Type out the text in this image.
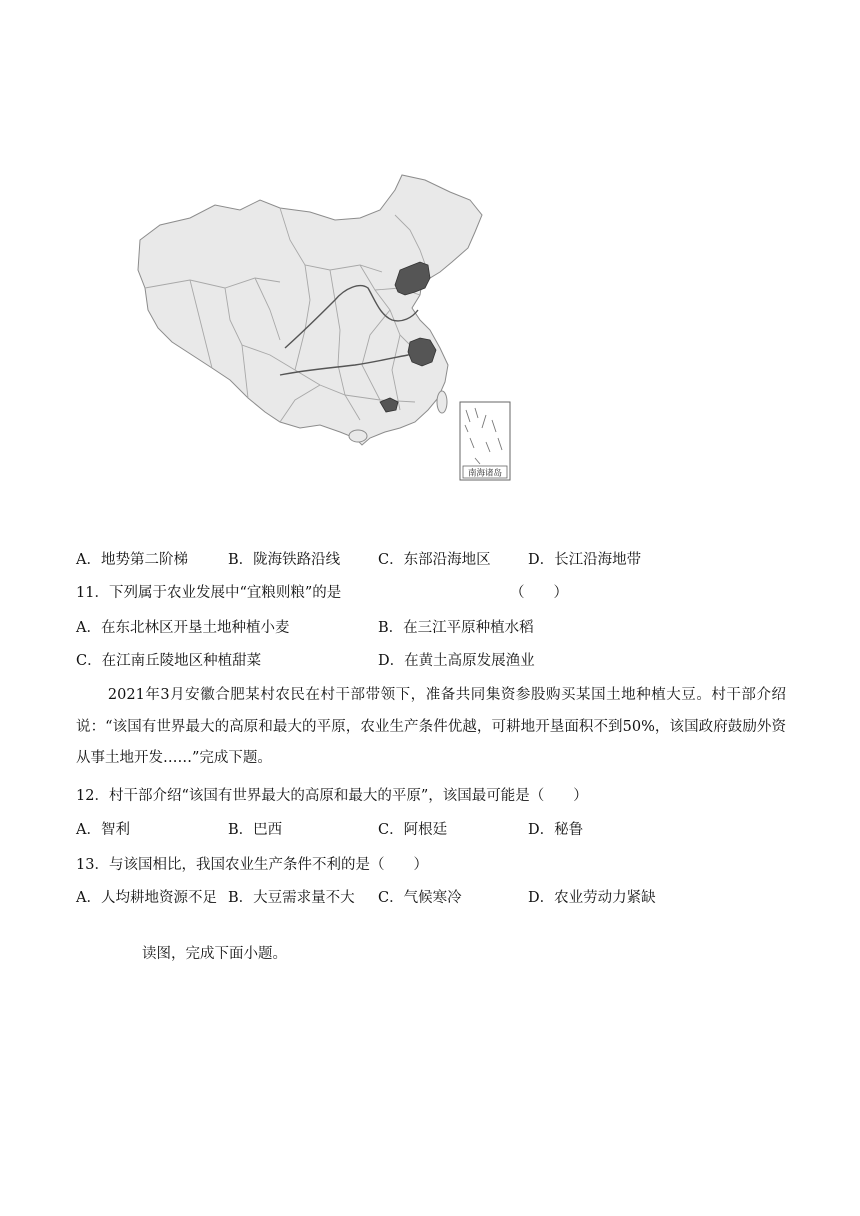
南海诸岛
A．地势第二阶梯	B．陇海铁路沿线	C．东部沿海地区	D．长江沿海地带
11．下列属于农业发展中“宜粮则粮”的是	（　　）
A．在东北林区开垦土地种植小麦	B．在三江平原种植水稻
C．在江南丘陵地区种植甜菜	D．在黄土高原发展渔业
2021年3月安徽合肥某村农民在村干部带领下，准备共同集资参股购买某国土地种植大豆。村干部介绍说：“该国有世界最大的高原和最大的平原，农业生产条件优越，可耕地开垦面积不到50%，该国政府鼓励外资从事土地开发……”完成下题。
12．村干部介绍“该国有世界最大的高原和最大的平原”，该国最可能是（　　）
A．智利	B．巴西	C．阿根廷	D．秘鲁
13．与该国相比，我国农业生产条件不利的是（　　）
A．人均耕地资源不足 B．大豆需求量不大 C．气候寒冷	D．农业劳动力紧缺
读图，完成下面小题。
